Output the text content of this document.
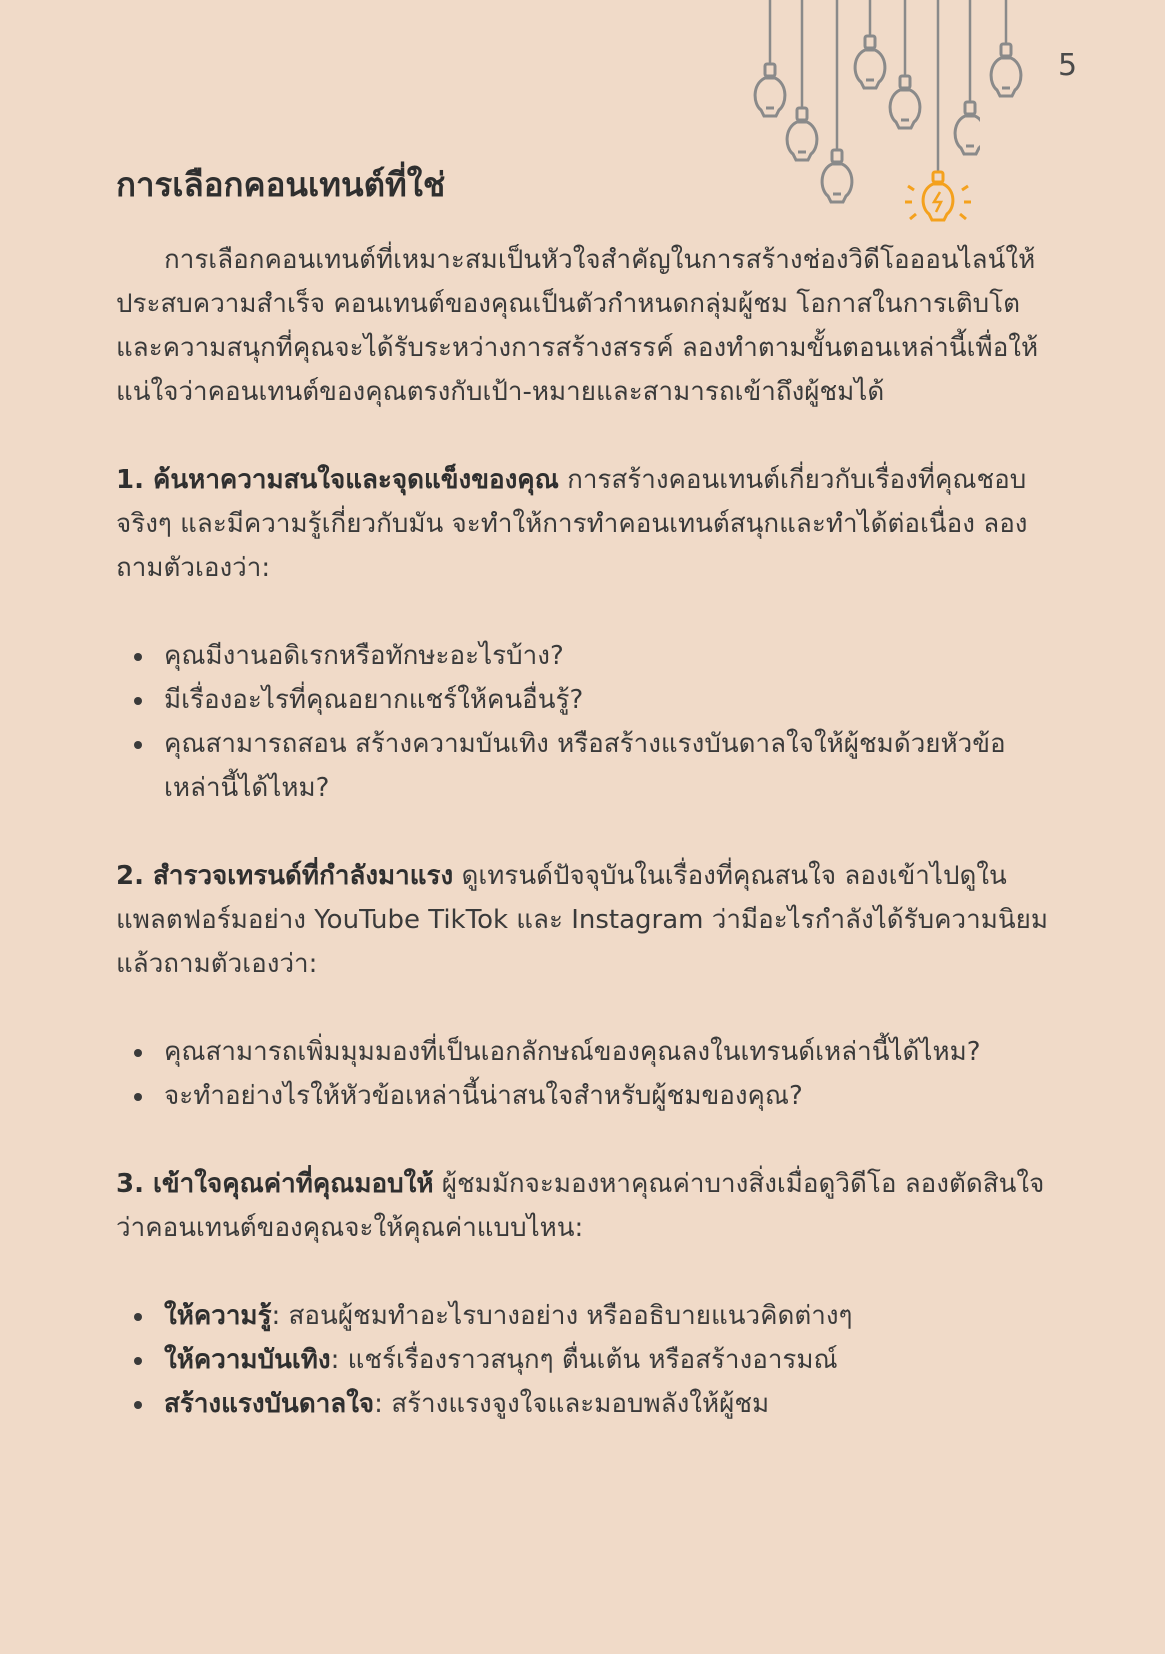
5
การเลือกคอนเทนต์ที่ใช่

การเลือกคอนเทนต์ที่เหมาะสมเป็นหัวใจสำคัญในการสร้างช่องวิดีโอออนไลน์ให้ประสบความสำเร็จ คอนเทนต์ของคุณเป็นตัวกำหนดกลุ่มผู้ชม โอกาสในการเติบโต และความสนุกที่คุณจะได้รับระหว่างการสร้างสรรค์ ลองทำตามขั้นตอนเหล่านี้เพื่อให้แน่ใจว่าคอนเทนต์ของคุณตรงกับเป้า-หมายและสามารถเข้าถึงผู้ชมได้

1. ค้นหาความสนใจและจุดแข็งของคุณ การสร้างคอนเทนต์เกี่ยวกับเรื่องที่คุณชอบจริงๆ และมีความรู้เกี่ยวกับมัน จะทำให้การทำคอนเทนต์สนุกและทำได้ต่อเนื่อง ลองถามตัวเองว่า:

คุณมีงานอดิเรกหรือทักษะอะไรบ้าง?
มีเรื่องอะไรที่คุณอยากแชร์ให้คนอื่นรู้?
คุณสามารถสอน สร้างความบันเทิง หรือสร้างแรงบันดาลใจให้ผู้ชมด้วยหัวข้อเหล่านี้ได้ไหม?

2. สำรวจเทรนด์ที่กำลังมาแรง ดูเทรนด์ปัจจุบันในเรื่องที่คุณสนใจ ลองเข้าไปดูในแพลตฟอร์มอย่าง YouTube TikTok และ Instagram ว่ามีอะไรกำลังได้รับความนิยม แล้วถามตัวเองว่า:

คุณสามารถเพิ่มมุมมองที่เป็นเอกลักษณ์ของคุณลงในเทรนด์เหล่านี้ได้ไหม?
จะทำอย่างไรให้หัวข้อเหล่านี้น่าสนใจสำหรับผู้ชมของคุณ?

3. เข้าใจคุณค่าที่คุณมอบให้ ผู้ชมมักจะมองหาคุณค่าบางสิ่งเมื่อดูวิดีโอ ลองตัดสินใจว่าคอนเทนต์ของคุณจะให้คุณค่าแบบไหน:

ให้ความรู้: สอนผู้ชมทำอะไรบางอย่าง หรืออธิบายแนวคิดต่างๆ
ให้ความบันเทิง: แชร์เรื่องราวสนุกๆ ตื่นเต้น หรือสร้างอารมณ์
สร้างแรงบันดาลใจ: สร้างแรงจูงใจและมอบพลังให้ผู้ชม
